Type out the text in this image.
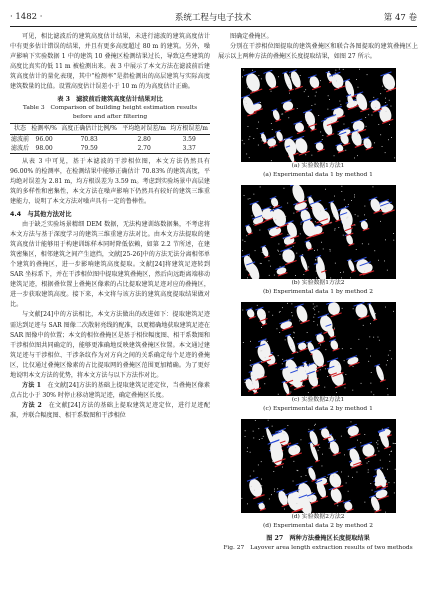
· 1482 ·	系统工程与电子技术	第 47 卷

可见，相比滤波后的建筑高度估计结果，未进行滤波的建筑高度估计中有更多估计错误的结果，并且有更多高度超过 80 m 的建筑。另外，噪声影响下实验数据 1 中的建筑 10 叠掩区检测结果过长，导致这些建筑的高度比真实的低 11 m 被检测出来。表 3 中展示了本文方法在滤波前后建筑高度估计的量化表现，其中“检测率”是指检测出的高层建筑与实际高度建筑数量的比值。设置高度估计误差小于 10 m 的为高度估计正确。

表 3　滤波前后建筑高度估计结果对比
Table 3　Comparison of building height estimation results
before and after filtering
状态	检测率/%	高度正确估计比例/%	平均绝对误差/m	均方根误差/m
滤波前	96.00	70.83	2.80	3.59
滤波后	98.00	79.59	2.70	3.37

从表 3 中可见，基于本滤波的干涉相位图，本文方法仍然具有 96.00% 的检测率，在检测结果中能够正确估计 70.83% 的建筑高度，平均绝对误差为 2.81 m，均方根误差为 3.59 m。考虑到实验场景中高层建筑的多样性和密集性，本文方法在噪声影响下仍然具有较好的建筑三维重建能力，说明了本文方法对噪声具有一定的鲁棒性。

4.4　与其他方法对比

由于缺乏实验场景精细 DEM 数据，无法构建训练数据集，不考虑将本文方法与基于深度学习的建筑三维重建方法对比。由本文方法提取的建筑高度估计能够用于构建训练样本同时降低依赖，如第 2.2 节所述，在建筑密集区，相邻建筑之间产生遮挡，文献[25-26]中的方法无法分离相邻单个建筑的叠掩区，进一步影响建筑高度提取。文献[24]将建筑足迹转到 SAR 坐标系下，并在干涉相位图中提取建筑叠掩区，然后向远距离端移动建筑足迹，根据叠位置上叠掩区像素的占比提取建筑足迹对应的叠掩区，进一步获取建筑高度。接下来，本文将与该方法的建筑高度提取结果做对比。

与文献[24]中的方法相比，本文方法做出的改进如下：提取建筑足迹需达到足迹与 SAR 图像二次散射亮线的配准，以更精确地获取建筑足迹在 SAR 图像中的位置；本文的相位叠掩区是基于相位幅度图、相干系数图和干涉相位图共同确定的，能够更准确地反映建筑叠掩区位置。本文通过建筑足迹与干涉相位、干涉条纹作为对方向之间的关系确定每个足迹的叠掩区，比仅通过叠掩区像素的占比提取网的叠掩区范围更加精确。为了更好地说明本文方法的优势，将本文方法与以下方法作对比。

方法 1　 在文献[24]方法的基础上提取建筑足迹定位，当叠掩区像素点占比小于 30% 时停止移动建筑足迹，确定叠掩区长度。

方法 2　 在文献[24]方法的基础上提取建筑足迹定位，进行足迹配准，并联合幅度图、相干系数图和干涉相位

图确定叠掩区。

分别在干涉相位图提取的建筑叠掩区和联合各图提取的建筑叠掩区上展示以上两种方法的叠掩区长度提取结果，如图 27 所示。

(a) 实验数据1方法1
(a) Experimental data 1 by method 1
(b) 实验数据1方法2
(b) Experimental data 1 by method 2
(c) 实验数据2方法1
(c) Experimental data 2 by method 1
(d) 实验数据2方法2
(d) Experimental data 2 by method 2
图 27　两种方法叠掩区长度提取结果
Fig. 27　Layover area length extraction results of two methods
